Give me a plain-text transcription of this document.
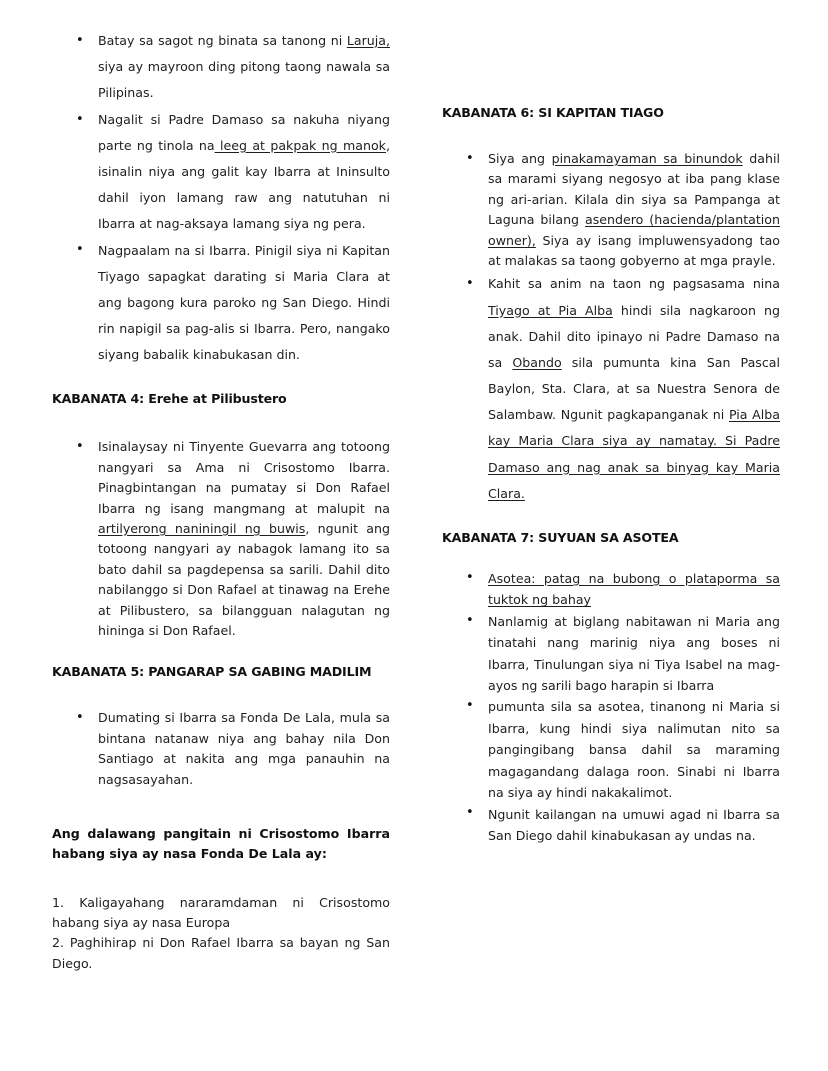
• Batay sa sagot ng binata sa tanong ni Laruja, siya ay mayroon ding pitong taong nawala sa Pilipinas.
• Nagalit si Padre Damaso sa nakuha niyang parte ng tinola na leeg at pakpak ng manok, isinalin niya ang galit kay Ibarra at Ininsulto dahil iyon lamang raw ang natutuhan ni Ibarra at nag-aksaya lamang siya ng pera.
• Nagpaalam na si Ibarra. Pinigil siya ni Kapitan Tiyago sapagkat darating si Maria Clara at ang bagong kura paroko ng San Diego. Hindi rin napigil sa pag-alis si Ibarra. Pero, nangako siyang babalik kinabukasan din.
KABANATA 4: Erehe at Pilibustero
• Isinalaysay ni Tinyente Guevarra ang totoong nangyari sa Ama ni Crisostomo Ibarra. Pinagbintangan na pumatay si Don Rafael Ibarra ng isang mangmang at malupit na artilyerong naniningil ng buwis, ngunit ang totoong nangyari ay nabagok lamang ito sa bato dahil sa pagdepensa sa sarili. Dahil dito nabilanggo si Don Rafael at tinawag na Erehe at Pilibustero, sa bilangguan nalagutan ng hininga si Don Rafael.
KABANATA 5: PANGARAP SA GABING MADILIM
• Dumating si Ibarra sa Fonda De Lala, mula sa bintana natanaw niya ang bahay nila Don Santiago at nakita ang mga panauhin na nagsasayahan.
Ang dalawang pangitain ni Crisostomo Ibarra habang siya ay nasa Fonda De Lala ay:
1. Kaligayahang nararamdaman ni Crisostomo habang siya ay nasa Europa
2. Paghihirap ni Don Rafael Ibarra sa bayan ng San Diego.
KABANATA 6: SI KAPITAN TIAGO
• Siya ang pinakamayaman sa binundok dahil sa marami siyang negosyo at iba pang klase ng ari-arian. Kilala din siya sa Pampanga at Laguna bilang asendero (hacienda/plantation owner), Siya ay isang impluwensyadong tao at malakas sa taong gobyerno at mga prayle.
• Kahit sa anim na taon ng pagsasama nina Tiyago at Pia Alba hindi sila nagkaroon ng anak. Dahil dito ipinayo ni Padre Damaso na sa Obando sila pumunta kina San Pascal Baylon, Sta. Clara, at sa Nuestra Senora de Salambaw. Ngunit pagkapanganak ni Pia Alba kay Maria Clara siya ay namatay. Si Padre Damaso ang nag anak sa binyag kay Maria Clara.
KABANATA 7: SUYUAN SA ASOTEA
• Asotea: patag na bubong o plataporma sa tuktok ng bahay
• Nanlamig at biglang nabitawan ni Maria ang tinatahi nang marinig niya ang boses ni Ibarra, Tinulungan siya ni Tiya Isabel na mag-ayos ng sarili bago harapin si Ibarra
• pumunta sila sa asotea, tinanong ni Maria si Ibarra, kung hindi siya nalimutan nito sa pangingibang bansa dahil sa maraming magagandang dalaga roon. Sinabi ni Ibarra na siya ay hindi nakakalimot.
• Ngunit kailangan na umuwi agad ni Ibarra sa San Diego dahil kinabukasan ay undas na.
